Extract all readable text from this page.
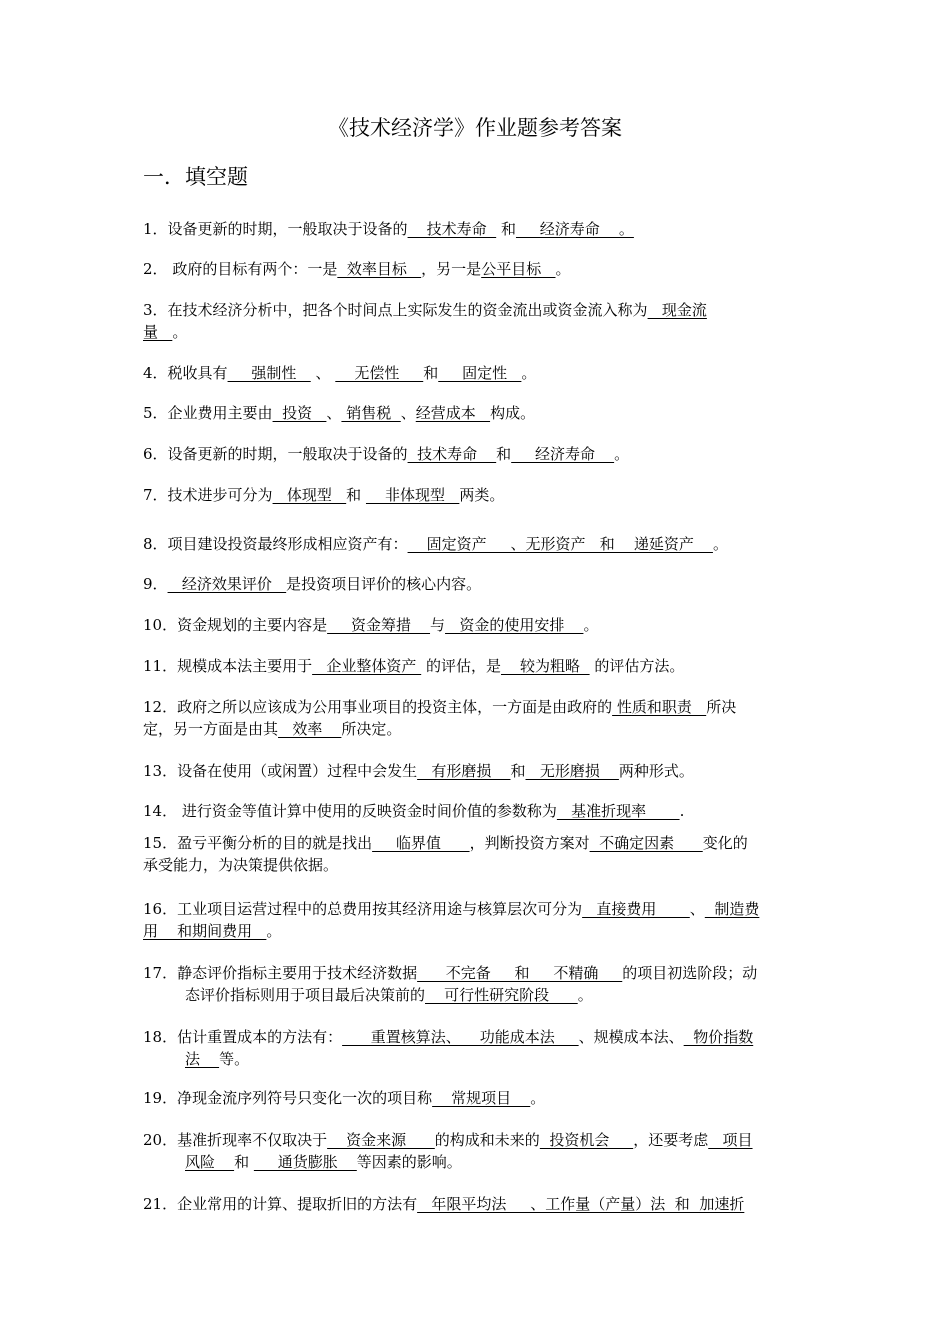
《技术经济学》作业题参考答案
一．填空题
1．设备更新的时期，一般取决于设备的    技术寿命   和     经济寿命    。
2． 政府的目标有两个：一是  效率目标   ，另一是公平目标   。
3．在技术经济分析中，把各个时间点上实际发生的资金流出或资金流入称为   现金流
量   。
4．税收具有     强制性    、     无偿性     和     固定性   。
5．企业费用主要由  投资   、 销售税  、经营成本   构成。
6．设备更新的时期，一般取决于设备的  技术寿命    和     经济寿命    。
7．技术进步可分为   体现型   和     非体现型   两类。
8．项目建设投资最终形成相应资产有：    固定资产     、无形资产   和    递延资产    。
9．   经济效果评价   是投资项目评价的核心内容。
10．资金规划的主要内容是     资金筹措    与   资金的使用安排    。
11．规模成本法主要用于   企业整体资产  的评估，是    较为粗略   的评估方法。
12．政府之所以应该成为公用事业项目的投资主体，一方面是由政府的 性质和职责   所决
定，另一方面是由其   效率    所决定。
13．设备在使用（或闲置）过程中会发生   有形磨损    和   无形磨损    两种形式。
14． 进行资金等值计算中使用的反映资金时间价值的参数称为   基准折现率       .
15．盈亏平衡分析的目的就是找出     临界值      ，判断投资方案对  不确定因素      变化的
承受能力，为决策提供依据。
16．工业项目运营过程中的总费用按其经济用途与核算层次可分为   直接费用       、  制造费
用    和期间费用   。
17．静态评价指标主要用于技术经济数据      不完备     和     不精确     的项目初选阶段；动
态评价指标则用于项目最后决策前的    可行性研究阶段      。
18．估计重置成本的方法有：      重置核算法、    功能成本法     、规模成本法、  物价指数
法    等。
19．净现金流序列符号只变化一次的项目称    常规项目    。
20．基准折现率不仅取决于    资金来源      的构成和未来的  投资机会     ，还要考虑   项目
风险    和      通货膨胀    等因素的影响。
21．企业常用的计算、提取折旧的方法有   年限平均法     、工作量（产量）法  和  加速折
